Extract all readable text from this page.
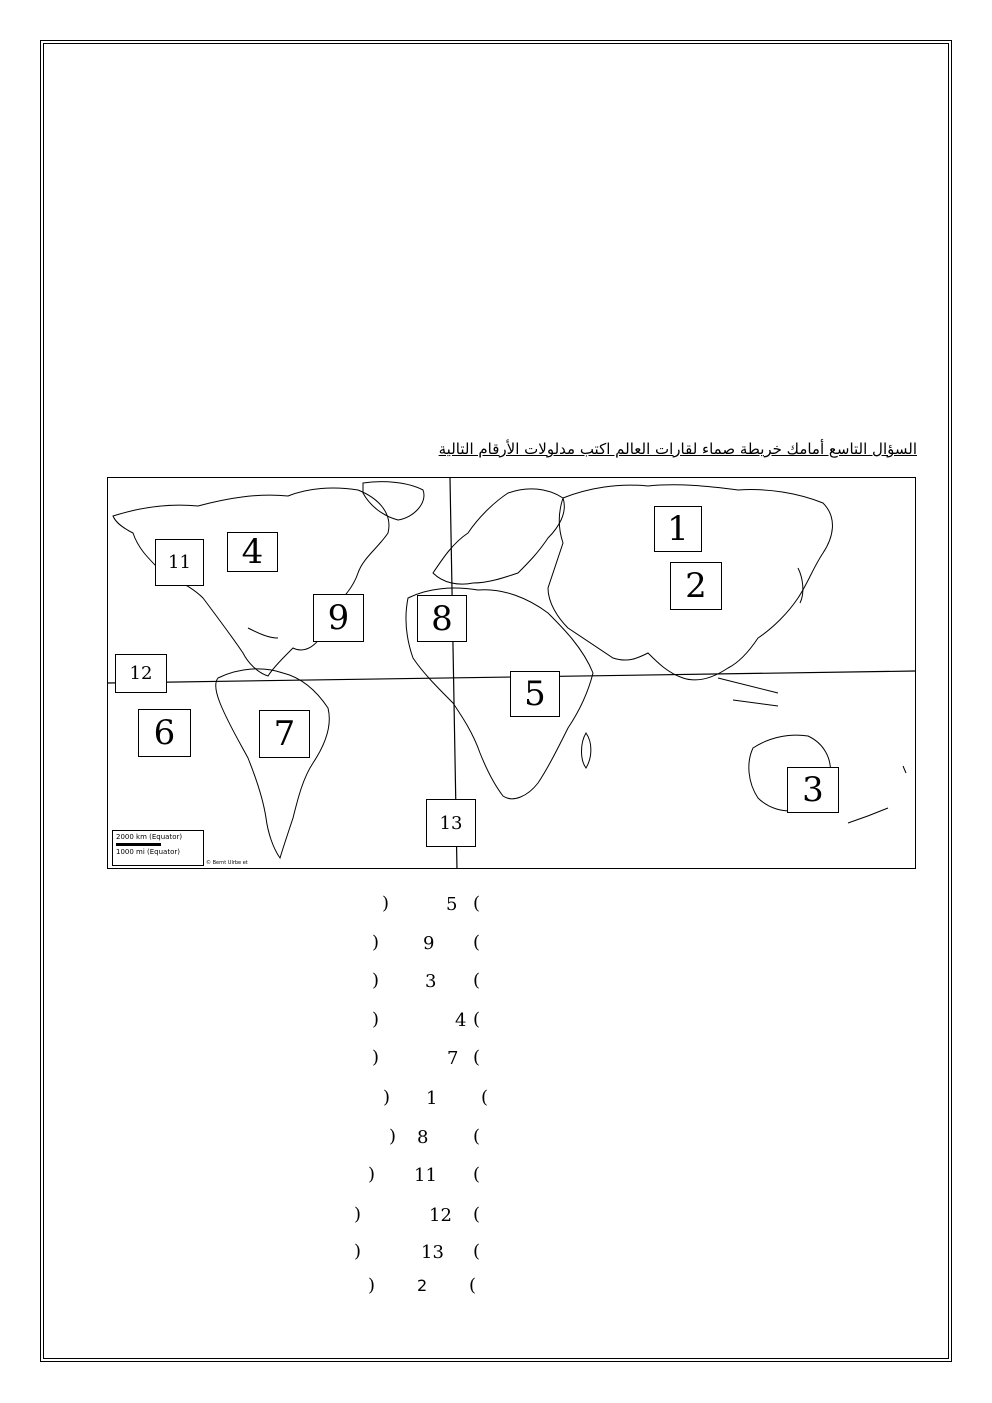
السؤال التاسع أمامك خريطة صماء لقارات العالم اكتب مدلولات الأرقام التالية
1
2
3
4
5
6	7
8
9
11
12
13
2000 km (Equator)
1000 mi (Equator)
© Bernt Ulrbe et
(
5
)
(
9
)
(
3
)
(
4
)
(
7
)
(
1
)
(
8
)
(
11
)
(
12
)
(
13
)
(
2
)
